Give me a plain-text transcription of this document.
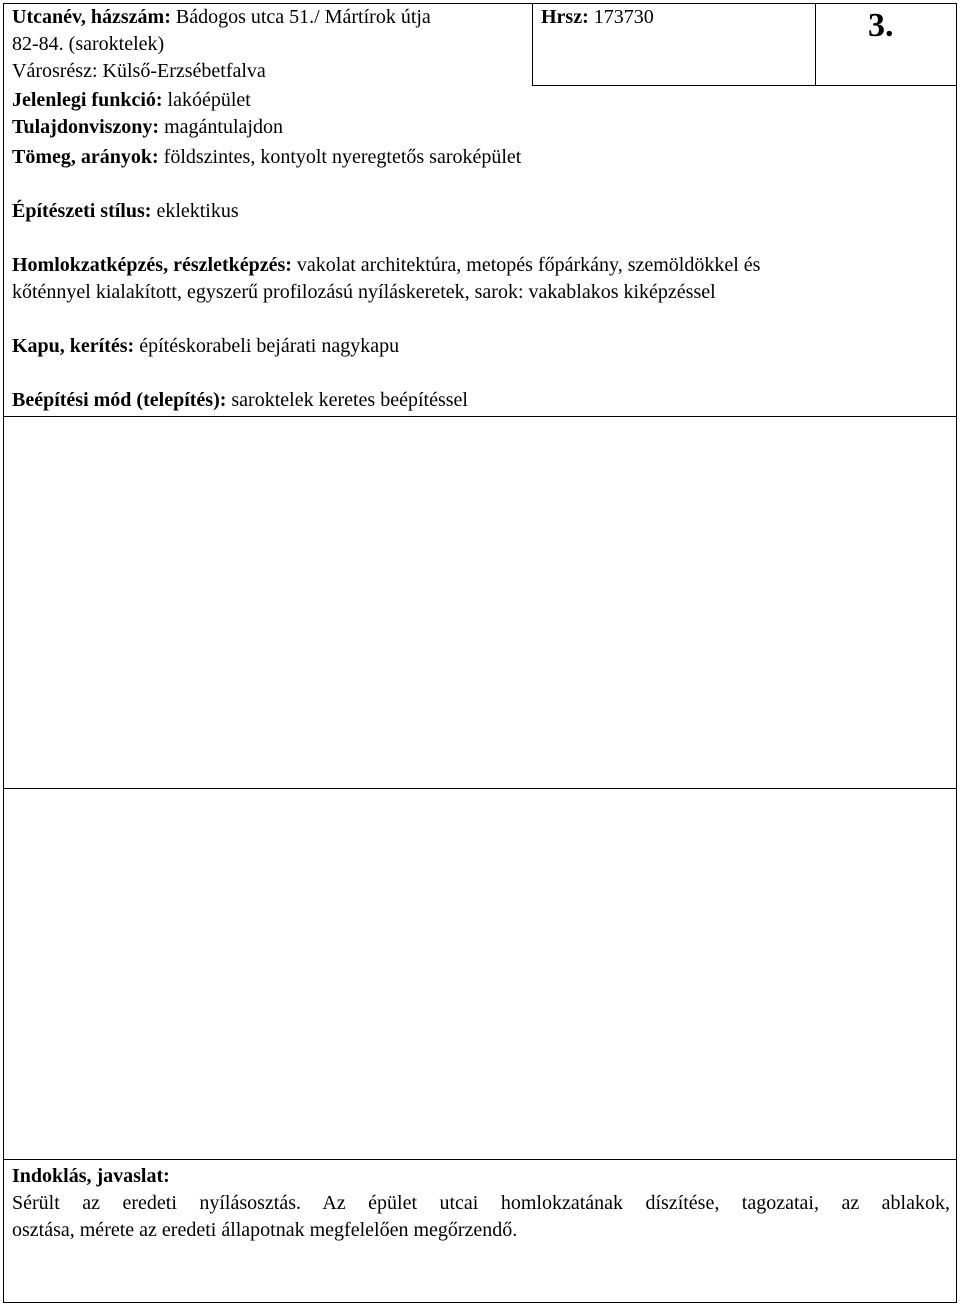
Utcanév, házszám: Bádogos utca 51./ Mártírok útja
82-84. (saroktelek)
Városrész: Külső-Erzsébetfalva
Hrsz: 173730	3.
Jelenlegi funkció: lakóépület
Tulajdonviszony: magántulajdon
Tömeg, arányok: földszintes, kontyolt nyeregtetős saroképület
Építészeti stílus: eklektikus
Homlokzatképzés, részletképzés: vakolat architektúra, metopés főpárkány, szemöldökkel és
kőténnyel kialakított, egyszerű profilozású nyíláskeretek, sarok: vakablakos kiképzéssel
Kapu, kerítés: építéskorabeli bejárati nagykapu
Beépítési mód (telepítés): saroktelek keretes beépítéssel
Indoklás, javaslat:
Sérült az eredeti nyílásosztás. Az épület utcai homlokzatának díszítése, tagozatai, az ablakok,
osztása, mérete az eredeti állapotnak megfelelően megőrzendő.
